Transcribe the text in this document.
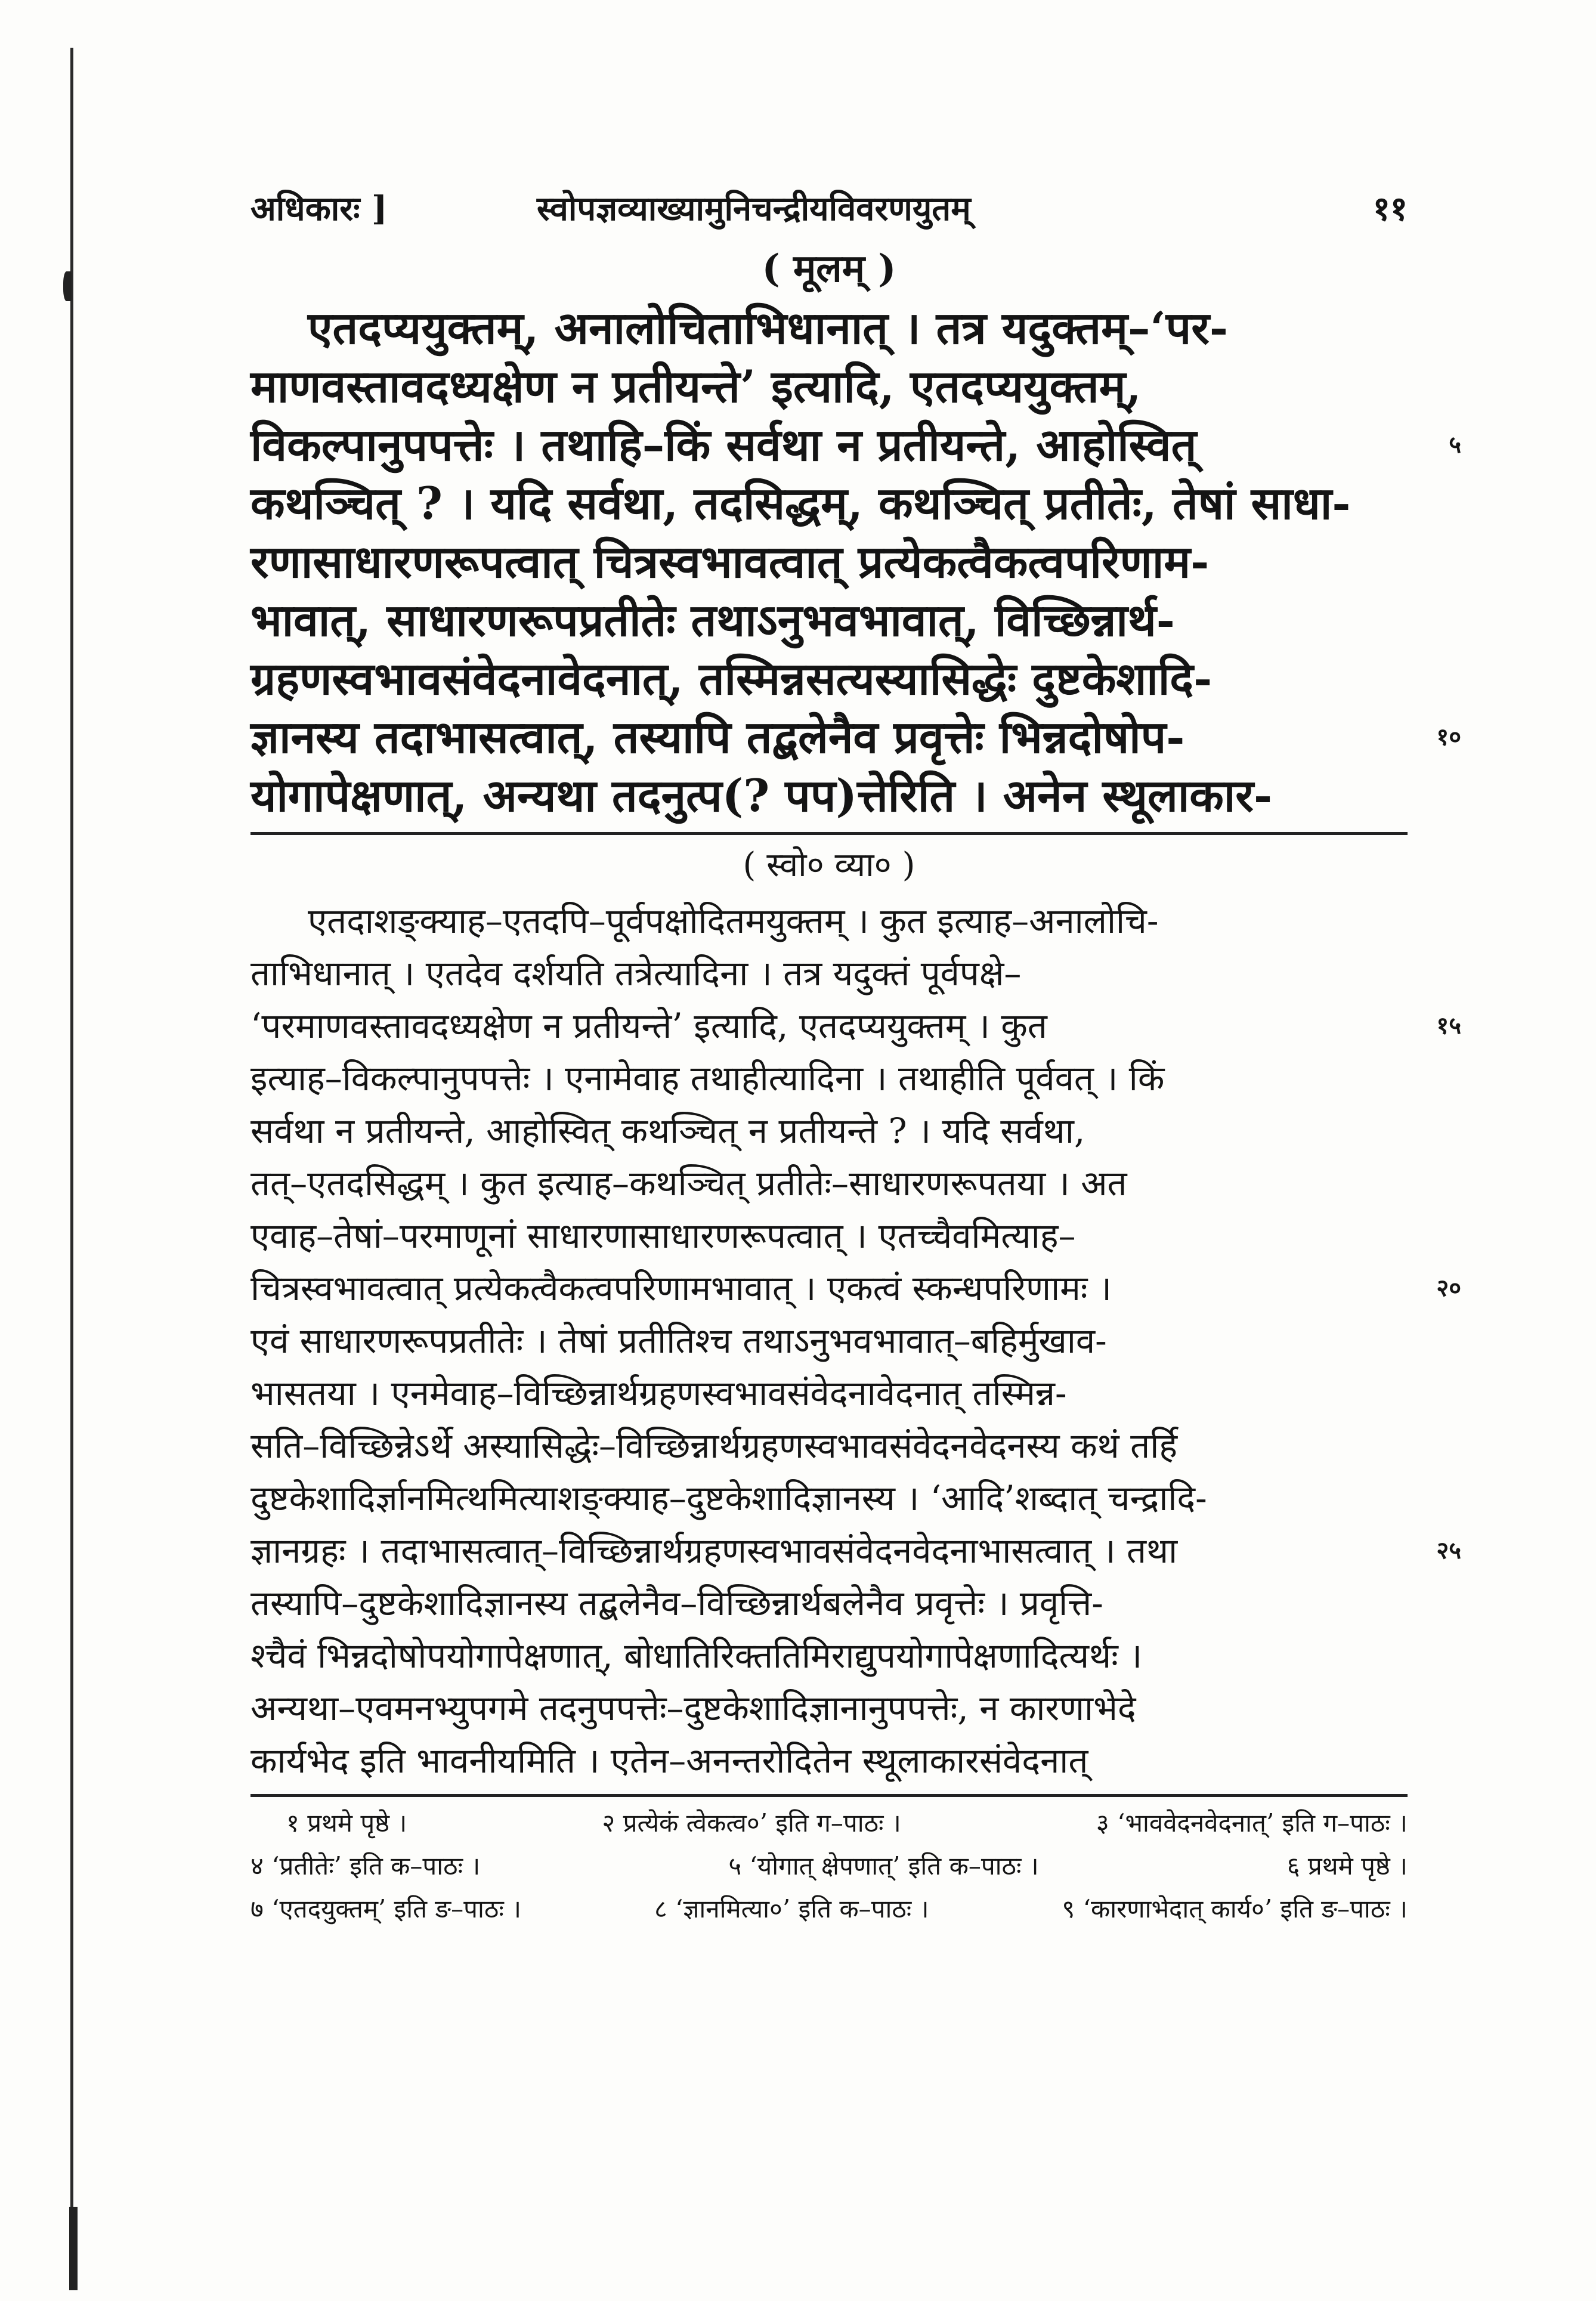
अधिकारः ]	स्वोपज्ञव्याख्यामुनिचन्द्रीयविवरणयुतम्	११
( मूलम् )
एतदप्ययुक्तम्, अनालोचिताभिधानात् । तत्र यदुक्तम्–‘पर-
माणवस्तावदध्यक्षेण न प्रतीयन्ते’ इत्यादि, एतदप्ययुक्तम्,
विकल्पानुपपत्तेः । तथाहि–किं सर्वथा न प्रतीयन्ते, आहोस्वित्	५
कथञ्चित् ? । यदि सर्वथा, तदसिद्धम्, कथञ्चित् प्रतीतेः, तेषां साधा-
रणासाधारणरूपत्वात् चित्रस्वभावत्वात् प्रत्येकत्वैकत्वपरिणाम-
भावात्, साधारणरूपप्रतीतेः तथाऽनुभवभावात्, विच्छिन्नार्थ-
ग्रहणस्वभावसंवेदनावेदनात्, तस्मिन्नसत्यस्यासिद्धेः दुष्टकेशादि-
ज्ञानस्य तदाभासत्वात्, तस्यापि तद्बलेनैव प्रवृत्तेः भिन्नदोषोप-	१०
योगापेक्षणात्, अन्यथा तदनुत्प(? पप)त्तेरिति । अनेन स्थूलाकार-
( स्वो० व्या० )
एतदाशङ्क्याह–एतदपि–पूर्वपक्षोदितमयुक्तम् । कुत इत्याह–अनालोचि-
ताभिधानात् । एतदेव दर्शयति तत्रेत्यादिना । तत्र यदुक्तं पूर्वपक्षे–
‘परमाणवस्तावदध्यक्षेण न प्रतीयन्ते’ इत्यादि, एतदप्ययुक्तम् । कुत	१५
इत्याह–विकल्पानुपपत्तेः । एनामेवाह तथाहीत्यादिना । तथाहीति पूर्ववत् । किं
सर्वथा न प्रतीयन्ते, आहोस्वित् कथञ्चित् न प्रतीयन्ते ? । यदि सर्वथा,
तत्–एतदसिद्धम् । कुत इत्याह–कथञ्चित् प्रतीतेः–साधारणरूपतया । अत
एवाह–तेषां–परमाणूनां साधारणासाधारणरूपत्वात् । एतच्चैवमित्याह–
चित्रस्वभावत्वात् प्रत्येकत्वैकत्वपरिणामभावात् । एकत्वं स्कन्धपरिणामः ।	२०
एवं साधारणरूपप्रतीतेः । तेषां प्रतीतिश्च तथाऽनुभवभावात्–बहिर्मुखाव-
भासतया । एनमेवाह–विच्छिन्नार्थग्रहणस्वभावसंवेदनावेदनात् तस्मिन्न-
सति–विच्छिन्नेऽर्थे अस्यासिद्धेः–विच्छिन्नार्थग्रहणस्वभावसंवेदनवेदनस्य कथं तर्हि
दुष्टकेशादिर्ज्ञानमित्थमित्याशङ्क्याह–दुष्टकेशादिज्ञानस्य । ‘आदि’शब्दात् चन्द्रादि-
ज्ञानग्रहः । तदाभासत्वात्–विच्छिन्नार्थग्रहणस्वभावसंवेदनवेदनाभासत्वात् । तथा	२५
तस्यापि–दुष्टकेशादिज्ञानस्य तद्बलेनैव–विच्छिन्नार्थबलेनैव प्रवृत्तेः । प्रवृत्ति-
श्चैवं भिन्नदोषोपयोगापेक्षणात्, बोधातिरिक्ततिमिराद्युपयोगापेक्षणादित्यर्थः ।
अन्यथा–एवमनभ्युपगमे तदनुपपत्तेः–दुष्टकेशादिज्ञानानुपपत्तेः, न कारणाभेदे
कार्यभेद इति भावनीयमिति । एतेन–अनन्तरोदितेन स्थूलाकारसंवेदनात्
१ प्रथमे पृष्ठे ।	२ प्रत्येकं त्वेकत्व०’ इति ग–पाठः ।	३ ‘भाववेदनवेदनात्’ इति ग–पाठः ।
४ ‘प्रतीतेः’ इति क–पाठः ।	५ ‘योगात् क्षेपणात्’ इति क–पाठः ।	६ प्रथमे पृष्ठे ।
७ ‘एतदयुक्तम्’ इति ङ–पाठः ।	८ ‘ज्ञानमित्या०’ इति क–पाठः ।	९ ‘कारणाभेदात् कार्य०’ इति ङ–पाठः ।
